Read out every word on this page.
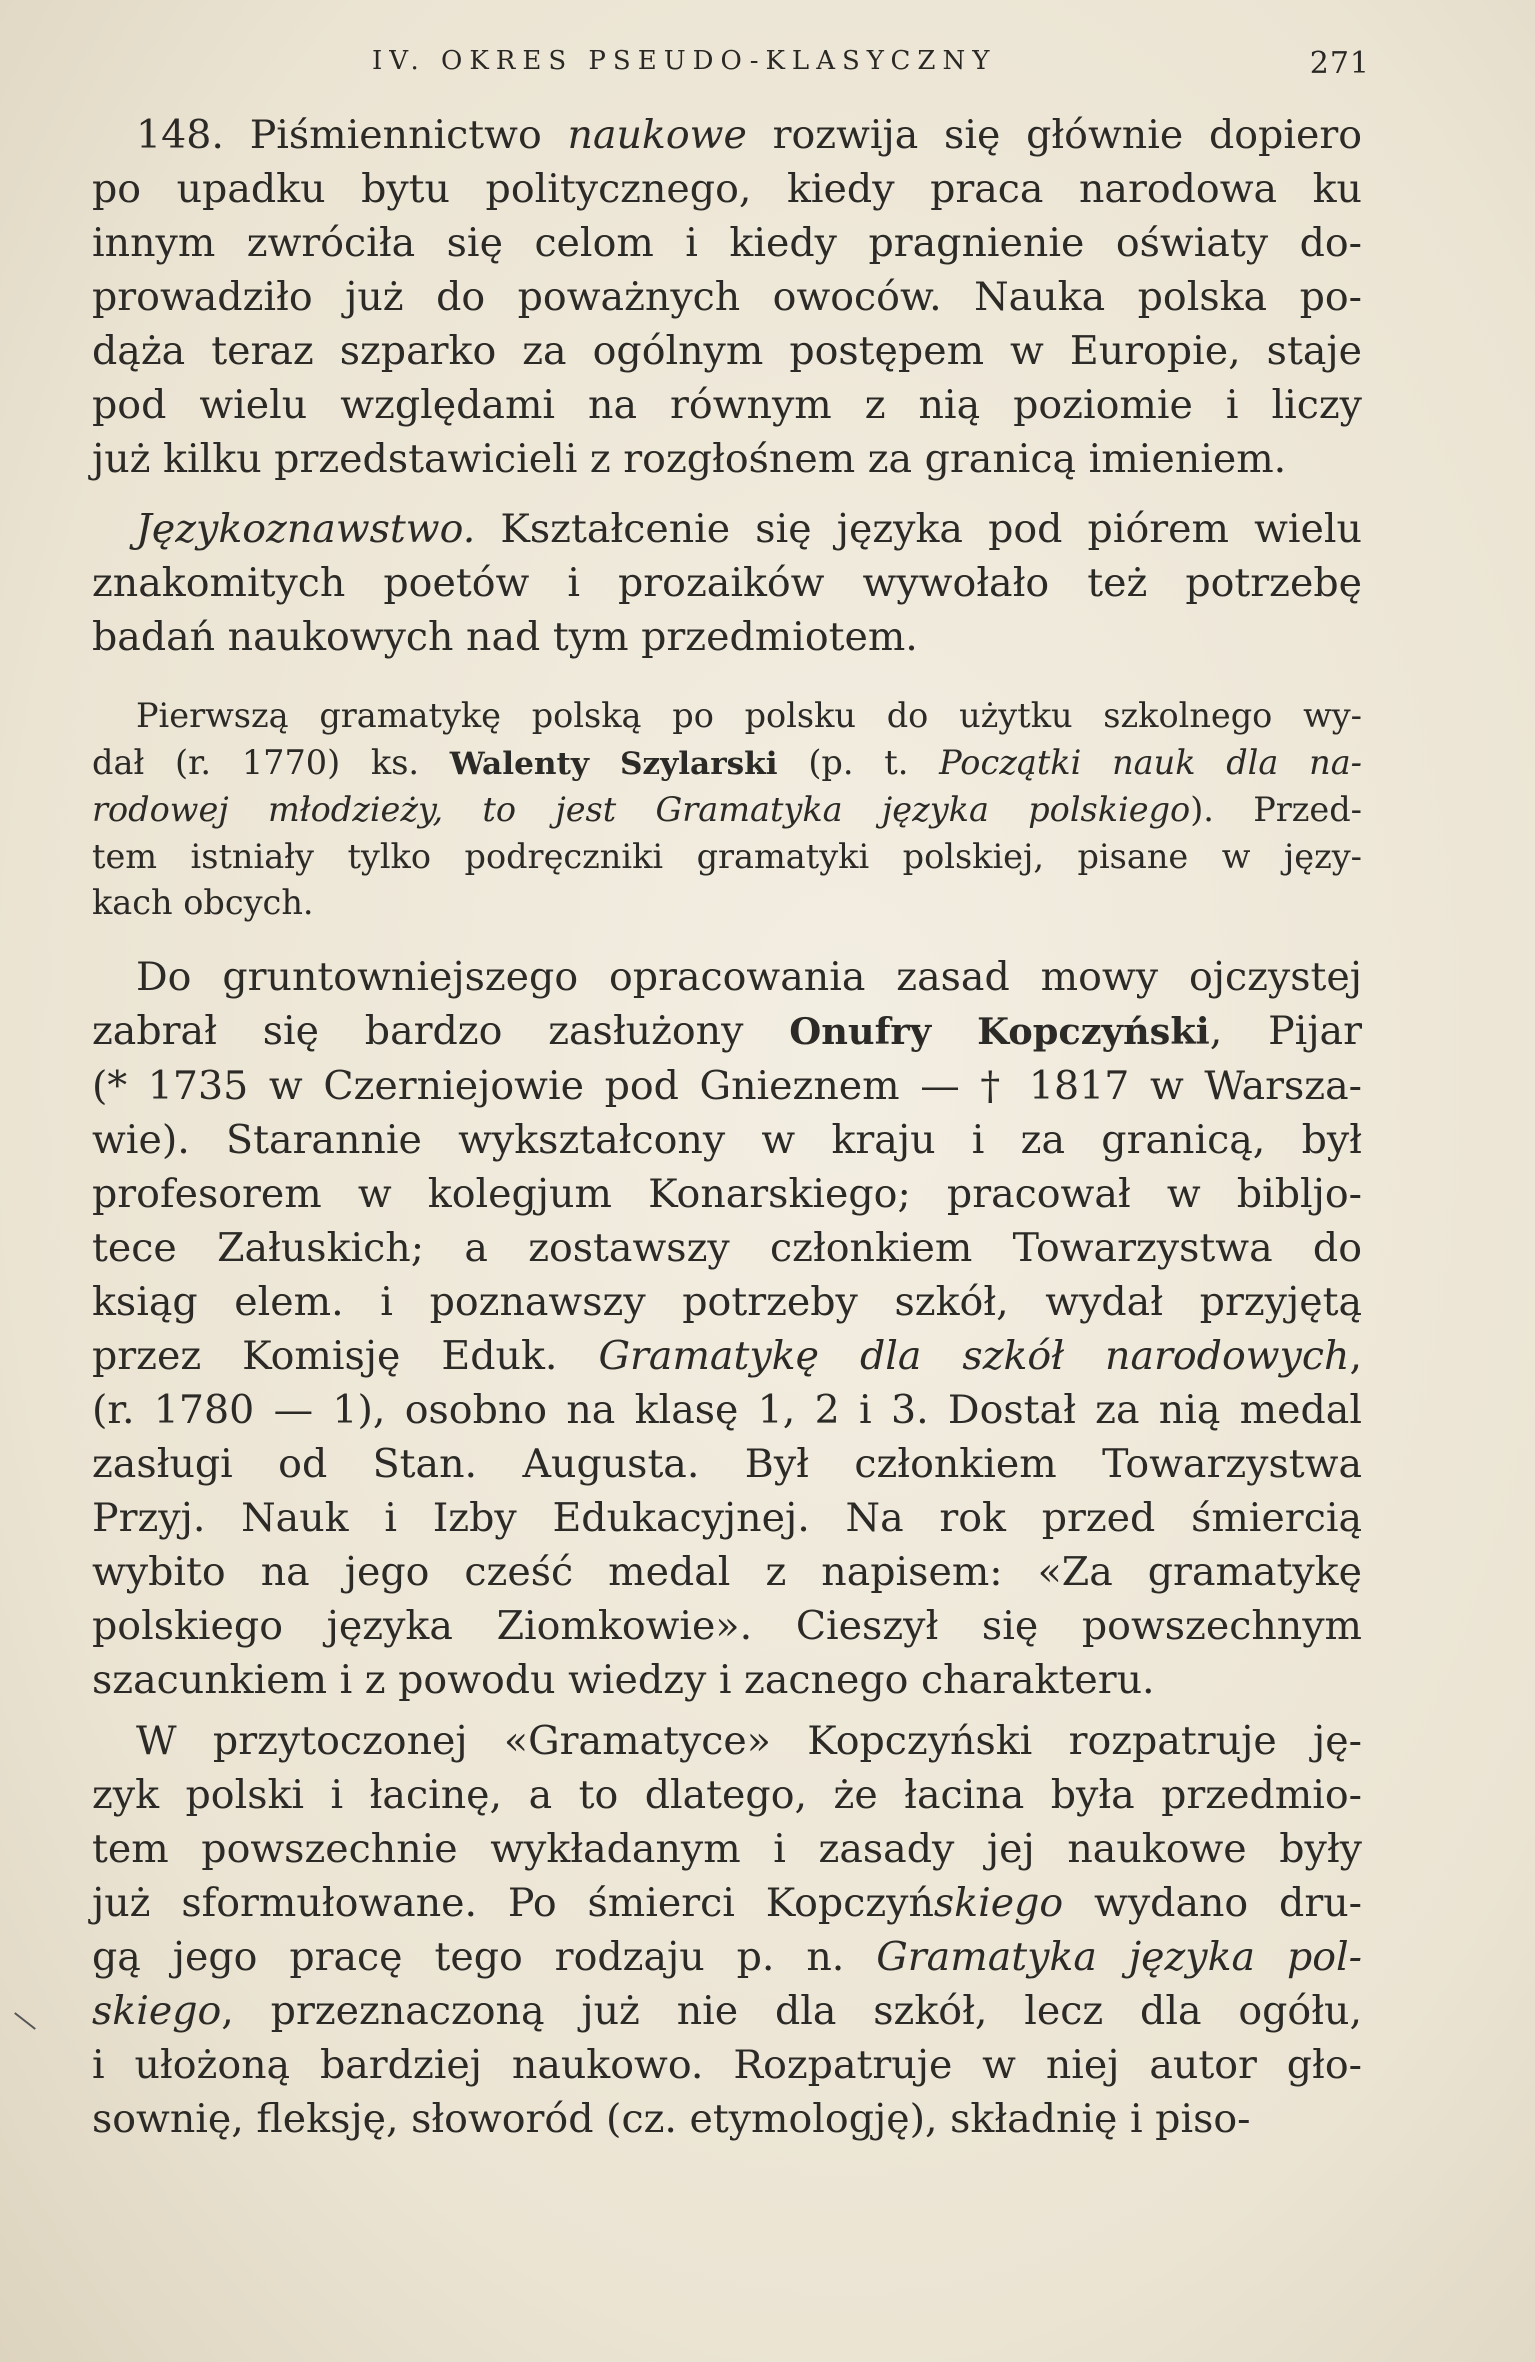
IV. OKRES PSEUDO-KLASYCZNY	271
148. Piśmiennictwo naukowe rozwija się głównie dopiero
po upadku bytu politycznego, kiedy praca narodowa ku
innym zwróciła się celom i kiedy pragnienie oświaty do-
prowadziło już do poważnych owoców. Nauka polska po-
dąża teraz szparko za ogólnym postępem w Europie, staje
pod wielu względami na równym z nią poziomie i liczy
już kilku przedstawicieli z rozgłośnem za granicą imieniem.
Językoznawstwo. Kształcenie się języka pod piórem wielu
znakomitych poetów i prozaików wywołało też potrzebę
badań naukowych nad tym przedmiotem.
Pierwszą gramatykę polską po polsku do użytku szkolnego wy-
dał (r. 1770) ks. Walenty Szylarski (p. t. Początki nauk dla na-
rodowej młodzieży, to jest Gramatyka języka polskiego). Przed-
tem istniały tylko podręczniki gramatyki polskiej, pisane w języ-
kach obcych.
Do gruntowniejszego opracowania zasad mowy ojczystej
zabrał się bardzo zasłużony Onufry Kopczyński, Pijar
(* 1735 w Czerniejowie pod Gnieznem — † 1817 w Warsza-
wie). Starannie wykształcony w kraju i za granicą, był
profesorem w kolegjum Konarskiego; pracował w bibljo-
tece Załuskich; a zostawszy członkiem Towarzystwa do
ksiąg elem. i poznawszy potrzeby szkół, wydał przyjętą
przez Komisję Eduk. Gramatykę dla szkół narodowych,
(r. 1780 — 1), osobno na klasę 1, 2 i 3. Dostał za nią medal
zasługi od Stan. Augusta. Był członkiem Towarzystwa
Przyj. Nauk i Izby Edukacyjnej. Na rok przed śmiercią
wybito na jego cześć medal z napisem: «Za gramatykę
polskiego języka Ziomkowie». Cieszył się powszechnym
szacunkiem i z powodu wiedzy i zacnego charakteru.
W przytoczonej «Gramatyce» Kopczyński rozpatruje ję-
zyk polski i łacinę, a to dlatego, że łacina była przedmio-
tem powszechnie wykładanym i zasady jej naukowe były
już sformułowane. Po śmierci Kopczyńskiego wydano dru-
gą jego pracę tego rodzaju p. n. Gramatyka języka pol-
skiego, przeznaczoną już nie dla szkół, lecz dla ogółu,
i ułożoną bardziej naukowo. Rozpatruje w niej autor gło-
sownię, fleksję, słoworód (cz. etymologję), składnię i piso-
